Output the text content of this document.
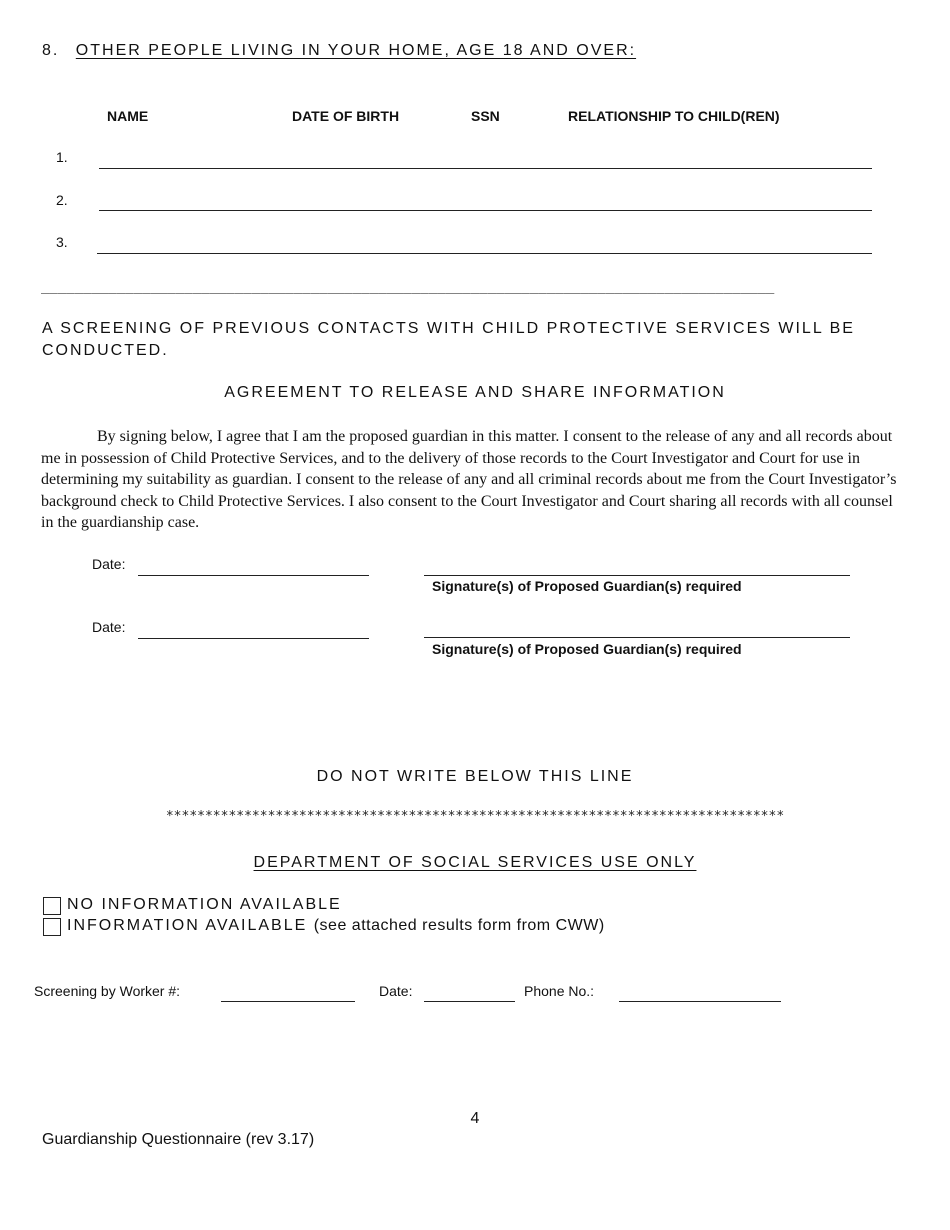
8. OTHER PEOPLE LIVING IN YOUR HOME, AGE 18 AND OVER:
NAME	DATE OF BIRTH	SSN	RELATIONSHIP TO CHILD(REN)
1.
2.
3.
_______________________________________________________________________________________
A SCREENING OF PREVIOUS CONTACTS WITH CHILD PROTECTIVE SERVICES WILL BE CONDUCTED.
AGREEMENT TO RELEASE AND SHARE INFORMATION
By signing below, I agree that I am the proposed guardian in this matter. I consent to the release of any and all records about me in possession of Child Protective Services, and to the delivery of those records to the Court Investigator and Court for use in determining my suitability as guardian. I consent to the release of any and all criminal records about me from the Court Investigator’s background check to Child Protective Services. I also consent to the Court Investigator and Court sharing all records with all counsel in the guardianship case.
Date:
Signature(s) of Proposed Guardian(s) required
Date:
Signature(s) of Proposed Guardian(s) required
DO NOT WRITE BELOW THIS LINE
*******************************************************************************
DEPARTMENT OF SOCIAL SERVICES USE ONLY
NO INFORMATION AVAILABLE
INFORMATION AVAILABLE (see attached results form from CWW)
Screening by Worker #:	Date:	Phone No.:
4
Guardianship Questionnaire (rev 3.17)
